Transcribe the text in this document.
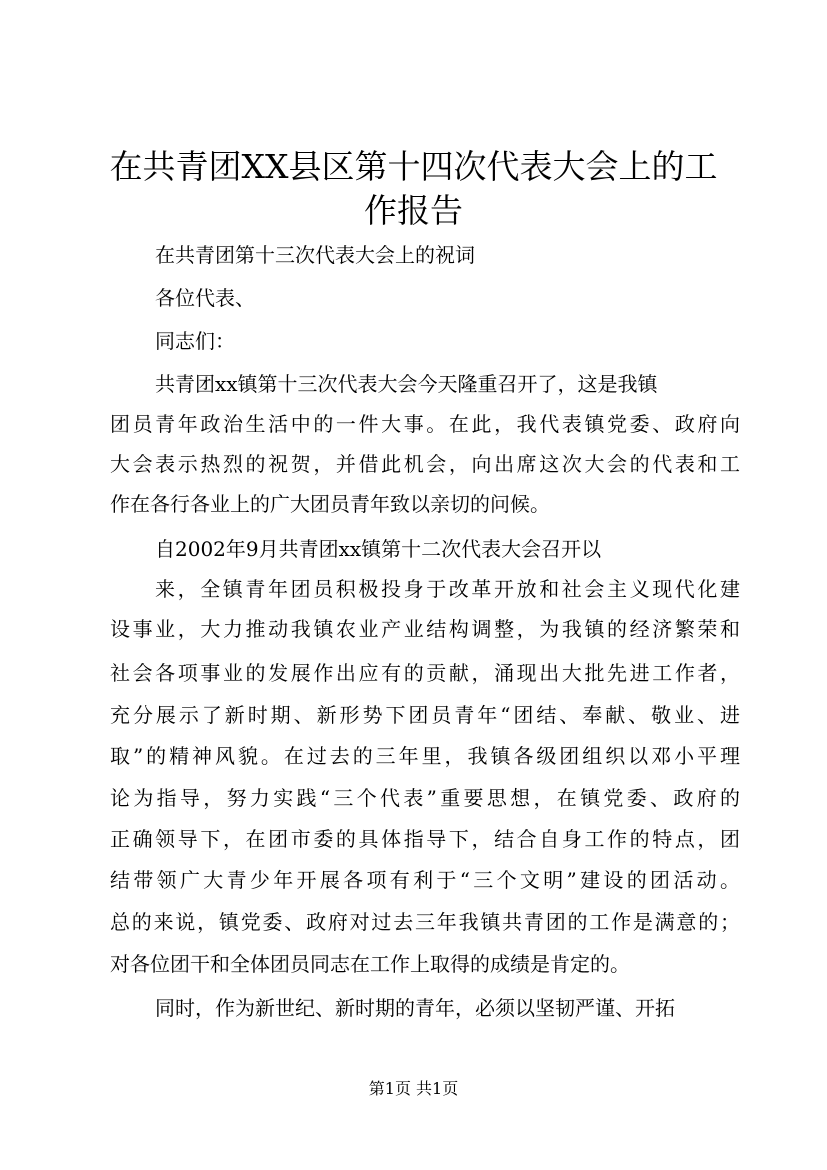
在共青团XX县区第十四次代表大会上的工作报告

在共青团第十三次代表大会上的祝词

各位代表、

同志们：

共青团xx镇第十三次代表大会今天隆重召开了，这是我镇

团员青年政治生活中的一件大事。在此，我代表镇党委、政府向

大会表示热烈的祝贺，并借此机会，向出席这次大会的代表和工

作在各行各业上的广大团员青年致以亲切的问候。

自2002年9月共青团xx镇第十二次代表大会召开以

来，全镇青年团员积极投身于改革开放和社会主义现代化建

设事业，大力推动我镇农业产业结构调整，为我镇的经济繁荣和

社会各项事业的发展作出应有的贡献，涌现出大批先进工作者，

充分展示了新时期、新形势下团员青年“团结、奉献、敬业、进

取”的精神风貌。在过去的三年里，我镇各级团组织以邓小平理

论为指导，努力实践“三个代表”重要思想，在镇党委、政府的

正确领导下，在团市委的具体指导下，结合自身工作的特点，团

结带领广大青少年开展各项有利于“三个文明”建设的团活动。

总的来说，镇党委、政府对过去三年我镇共青团的工作是满意的；

对各位团干和全体团员同志在工作上取得的成绩是肯定的。

同时，作为新世纪、新时期的青年，必须以坚韧严谨、开拓

第1页 共1页
